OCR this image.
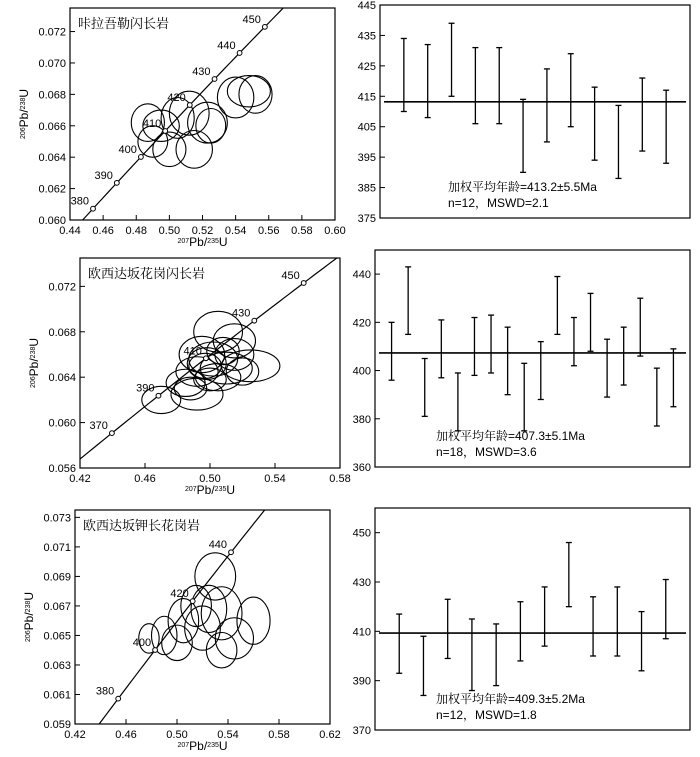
0.060
0.062
0.064
0.066
0.068
0.070
0.072
0.44 0.46 0.48 0.50 0.52 0.54 0.56 0.58 0.60
380
390
400
410
420
430
440
450
咔拉吾勒闪长岩
$^{207}$Pb/$^{235}$U
$^{206}$Pb/$^{238}$U
375
385
395
405
415
425
435
445
加权平均年龄=413.2±5.5Ma
n=12，MSWD=2.1
0.056
0.060
0.064
0.068
0.072
0.42	0.46	0.50	0.54	0.58
370
390
410
430
450
欧西达坂花岗闪长岩
$^{207}$Pb/$^{235}$U
$^{206}$Pb/$^{238}$U
360
380
400
420
440
加权平均年龄=407.3±5.1Ma
n=18，MSWD=3.6
0.059
0.061
0.063
0.065
0.067
0.069
0.071
0.073
0.42	0.46	0.50	0.54	0.58	0.62
380
400
420
440
欧西达坂钾长花岗岩
$^{207}$Pb/$^{235}$U
$^{206}$Pb/$^{238}$U
370
390
410
430
450
加权平均年龄=409.3±5.2Ma
n=12，MSWD=1.8
